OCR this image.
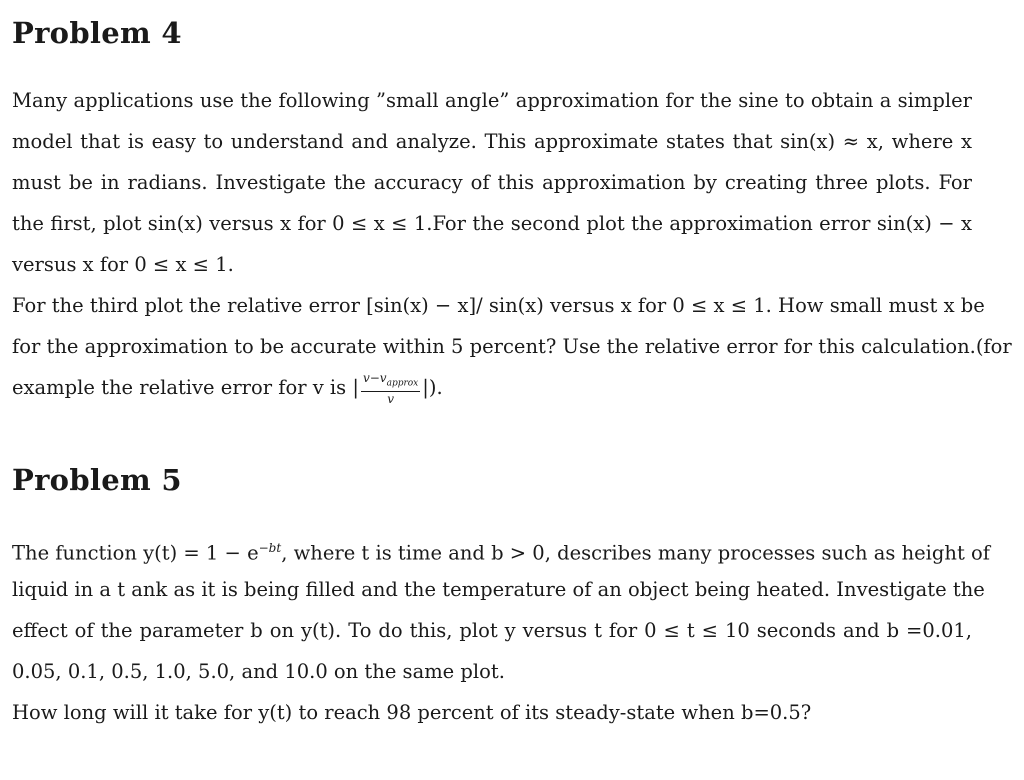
Problem 4
Many applications use the following ”small angle” approximation for the sine to obtain a simpler
model that is easy to understand and analyze. This approximate states that sin(x) ≈ x, where x
must be in radians. Investigate the accuracy of this approximation by creating three plots. For
the first, plot sin(x) versus x for 0 ≤ x ≤ 1.For the second plot the approximation error sin(x) − x
versus x for 0 ≤ x ≤ 1.
For the third plot the relative error [sin(x) − x]/ sin(x) versus x for 0 ≤ x ≤ 1. How small must x be
for the approximation to be accurate within 5 percent? Use the relative error for this calculation.(for
example the relative error for v is | $\frac{v-v_{approx}}{v}$ |).
Problem 5
The function $y(t) = 1 - e^{-bt}$, where t is time and b > 0, describes many processes such as height of
liquid in a t ank as it is being filled and the temperature of an object being heated. Investigate the
effect of the parameter b on y(t). To do this, plot y versus t for 0 ≤ t ≤ 10 seconds and b =0.01,
0.05, 0.1, 0.5, 1.0, 5.0, and 10.0 on the same plot.
How long will it take for y(t) to reach 98 percent of its steady-state when b=0.5?
